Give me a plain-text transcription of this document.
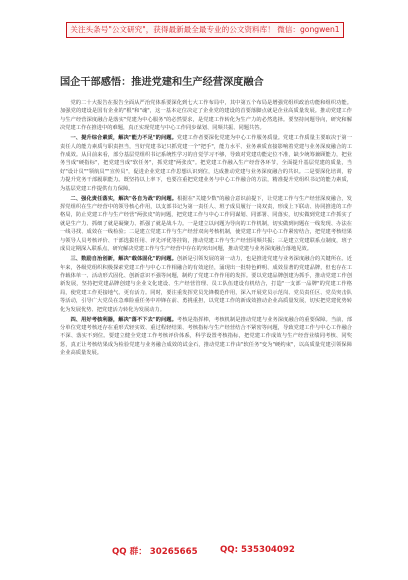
关注头条号"公文研究"，获得最新最全最专业的公文资料库！ 微信：gongwen1
国企干部感悟：推进党建和生产经营深度融合

党的二十大报告在报告全面从严治党体系要深化到七大工作布局中，其中第五个布局是增强党组织政治功能和组织功能。加强党的建设是国有企业的"根"和"魂"，这一基本定位决定了企业党的建设的首要落脚点就是企业高质量发展。推动党建工作与生产经营深度融合是落实"党建为中心服务"的必然要求，是党建工作转化为生产力的必然选择。要坚持问题导向，研究和解决党建工作在推进中的难题，真正实现党建与中心工作同步谋划、同频共振、同题共答。

一、提升综合素质，解决"能力不足"的问题。党建工作者要深化党建为中心工作服务质量。党建工作质量主要取决于第一责任人的能力素质与职责担当，当好党建书记只抓党建一个"把手"，能力水平、业务素质直接影响着党建与业务深度融合的工作成效。从目前来看，部分基层党组织书记系统性学习的自觉学习不够，导致对党建功能定位不准，缺少统筹兼顾能力，把业务当成"硬指标"，把党建当成"软任务"，抓党建"两张皮"。把党建工作融入生产经营各环节，全面提升基层党建的质量，当好"设计员""领航员""宣传员"，促进企业党建工作思想认识到位，达成推动党建与业务深度融合的共识。二是要深化培训，着力提升党务干部履职能力。既坚持以上率下，也要注重把党建业务与中心工作融合的方法，精准提升党组织书记的能力素质，为基层党建工作提供有力保障。

二、强化责任落实，解决"各自为战"的问题。根据在"关键少数"的融合意识前提下，让党建工作与生产经营深度融合，发挥党组织在生产经营中的领导核心作用，以支部书记为第一责任人、班子成员履行一岗双责，形成上下联动、协同推进的工作格局，防止党建工作与生产经营"两张皮"的问题，把党建工作与中心工作同谋划、同部署、同落实，切实做到党建工作抓实了就是生产力、抓细了就是凝聚力、抓强了就是战斗力。一是建立以问题为导向的工作机制，切实做到问题在一线发现、办法在一线寻找、成效在一线检验；二是建立党建工作与生产经营双向考核机制，使党建工作与中心工作紧密结合，把党建考核结果与领导人员考核评价、干部选拔任用、评先评优等挂钩，推动党建工作与生产经营同频共振；三是建立党建联系点制度，班子成员定期深入联系点，研究解决党建工作与生产经营中存在的突出问题，推动党建与业务深度融合落地见效。

三、数励自治创新，解决"载体固化"的问题。创新是引领发展的第一动力，也是推进党建与业务深度融合的关键所在。近年来，各级党组织积极探索党建工作与中心工作相融合的有效途径，涌现出一批特色鲜明、成效显著的党建品牌，但也存在工作载体单一、活动形式固化、创新意识不强等问题，制约了党建工作作用的发挥。要以党建品牌创建为抓手，推动党建工作创新发展，坚持把党建品牌创建与企业文化建设、生产经营管理、员工队伍建设有机结合，打造"一支部一品牌"的党建工作格局，使党建工作更接地气、更有活力。同时，要注重发挥党员先锋模范作用，深入开展党员示范岗、党员责任区、党员突击队等活动，引导广大党员在急难险重任务中冲锋在前、勇挑重担，以党建工作的新成效推动企业高质量发展，切实把党建优势转化为发展优势、把党建活力转化为发展动力。

四、用好考核利器，解决"落不下去"的问题。考核是指挥棒，考核机制是推动党建与业务深度融合的重要保障。当前，部分单位党建考核还存在重形式轻实效、重过程轻结果、考核指标与生产经营结合不紧密等问题，导致党建工作与中心工作融合不深、落实不到位。要建立健全党建工作考核评价体系，科学设置考核指标，把党建工作成效与生产经营业绩同考核、同奖惩，真正让考核结果成为检验党建与业务融合成效的试金石，推动党建工作由"软任务"变为"硬约束"，以高质量党建引领保障企业高质量发展。

QQ 群： 30265665	QQ: 535304092
